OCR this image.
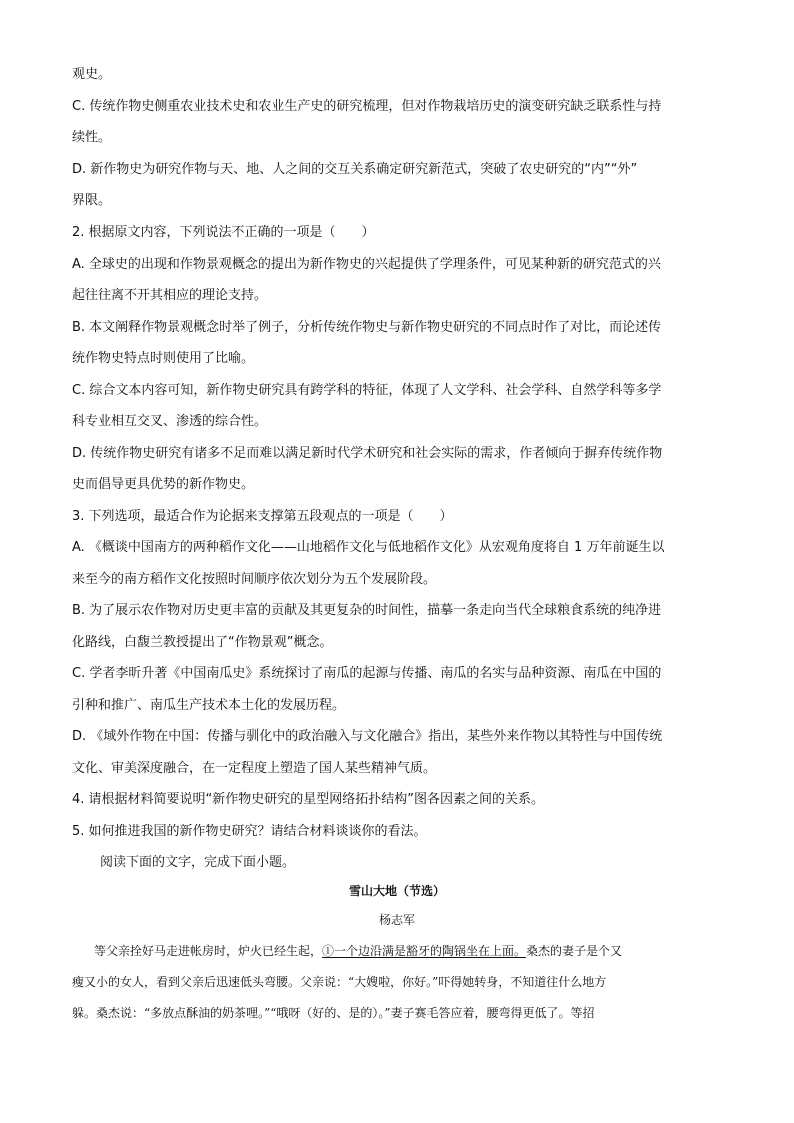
观史。
C. 传统作物史侧重农业技术史和农业生产史的研究梳理，但对作物栽培历史的演变研究缺乏联系性与持
续性。
D. 新作物史为研究作物与天、地、人之间的交互关系确定研究新范式，突破了农史研究的“内”“外”
界限。
2. 根据原文内容，下列说法不正确的一项是（　　）
A. 全球史的出现和作物景观概念的提出为新作物史的兴起提供了学理条件，可见某种新的研究范式的兴
起往往离不开其相应的理论支持。
B. 本文阐释作物景观概念时举了例子，分析传统作物史与新作物史研究的不同点时作了对比，而论述传
统作物史特点时则使用了比喻。
C. 综合文本内容可知，新作物史研究具有跨学科的特征，体现了人文学科、社会学科、自然学科等多学
科专业相互交叉、渗透的综合性。
D. 传统作物史研究有诸多不足而难以满足新时代学术研究和社会实际的需求，作者倾向于摒弃传统作物
史而倡导更具优势的新作物史。
3. 下列选项，最适合作为论据来支撑第五段观点的一项是（　　）
A. 《概谈中国南方的两种稻作文化——山地稻作文化与低地稻作文化》从宏观角度将自 1 万年前诞生以
来至今的南方稻作文化按照时间顺序依次划分为五个发展阶段。
B. 为了展示农作物对历史更丰富的贡献及其更复杂的时间性，描摹一条走向当代全球粮食系统的纯净进
化路线，白馥兰教授提出了“作物景观”概念。
C. 学者李昕升著《中国南瓜史》系统探讨了南瓜的起源与传播、南瓜的名实与品种资源、南瓜在中国的
引种和推广、南瓜生产技术本土化的发展历程。
D. 《域外作物在中国：传播与驯化中的政治融入与文化融合》指出，某些外来作物以其特性与中国传统
文化、审美深度融合，在一定程度上塑造了国人某些精神气质。
4. 请根据材料简要说明“新作物史研究的星型网络拓扑结构”图各因素之间的关系。
5. 如何推进我国的新作物史研究？请结合材料谈谈你的看法。
阅读下面的文字，完成下面小题。
雪山大地（节选）
杨志军
等父亲拴好马走进帐房时，炉火已经生起，①一个边沿满是豁牙的陶锅坐在上面。桑杰的妻子是个又
瘦又小的女人，看到父亲后迅速低头弯腰。父亲说：“大嫂啦，你好。”吓得她转身，不知道往什么地方
躲。桑杰说：“多放点酥油的奶茶哩。”“哦呀（好的、是的）。”妻子赛毛答应着，腰弯得更低了。等招
